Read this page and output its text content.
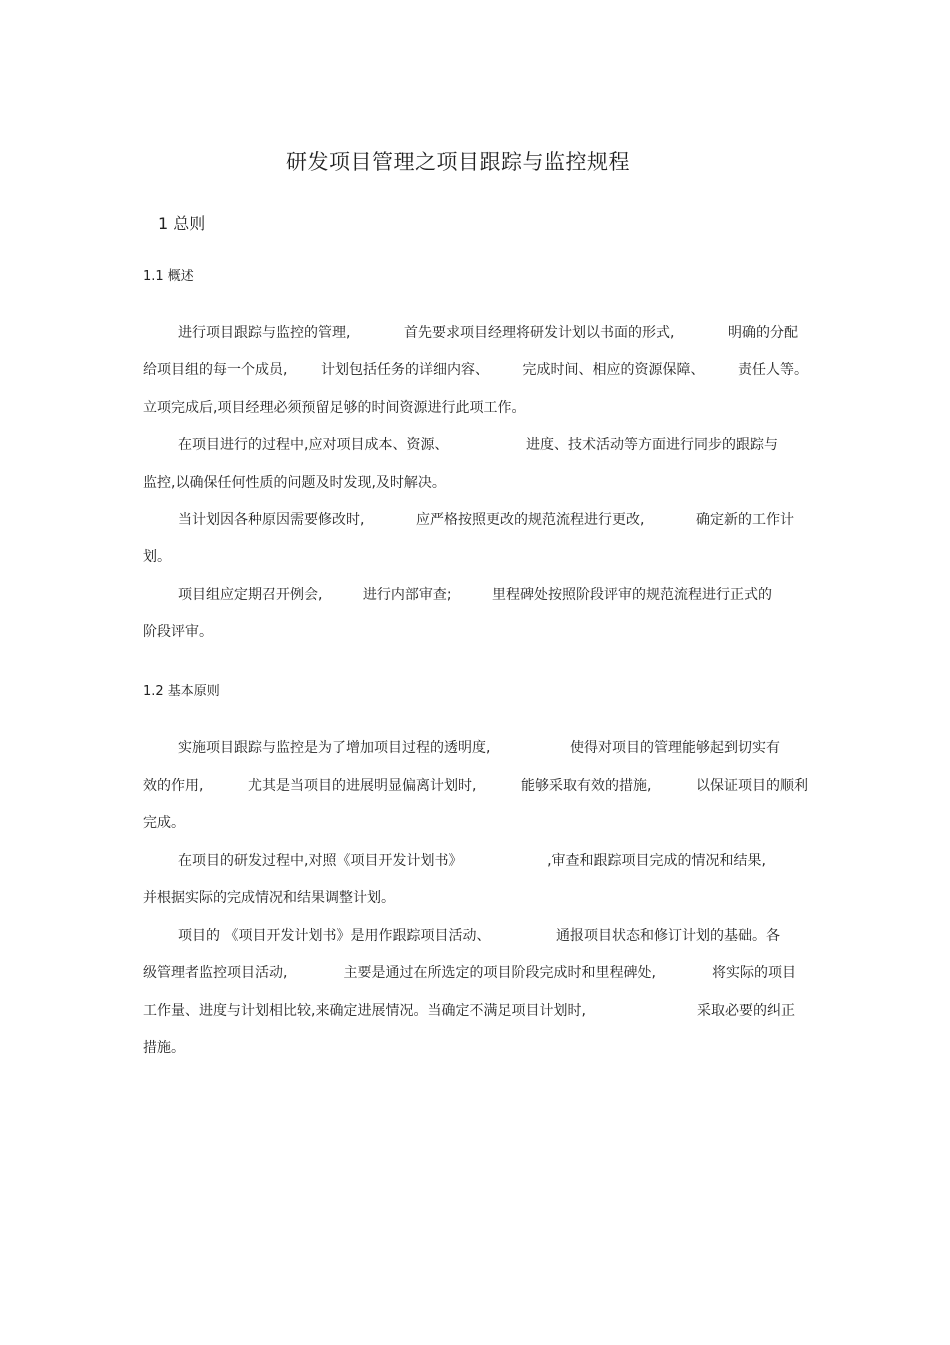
研发项目管理之项目跟踪与监控规程
1 总则
1.1 概述
进行项目跟踪与监控的管理,	首先要求项目经理将研发计划以书面的形式,	明确的分配
给项目组的每一个成员, 计划包括任务的详细内容、 完成时间、相应的资源保障、 责任人等。
立项完成后,项目经理必须预留足够的时间资源进行此项工作。
在项目进行的过程中,应对项目成本、资源、	进度、技术活动等方面进行同步的跟踪与
监控,以确保任何性质的问题及时发现,及时解决。
当计划因各种原因需要修改时,	应严格按照更改的规范流程进行更改,	确定新的工作计
划。
项目组应定期召开例会,	进行内部审查;	里程碑处按照阶段评审的规范流程进行正式的
阶段评审。
1.2 基本原则
实施项目跟踪与监控是为了增加项目过程的透明度,	使得对项目的管理能够起到切实有
效的作用,	尤其是当项目的进展明显偏离计划时,	能够采取有效的措施,	以保证项目的顺利
完成。
在项目的研发过程中,对照《项目开发计划书》	,审查和跟踪项目完成的情况和结果,
并根据实际的完成情况和结果调整计划。
项目的 《项目开发计划书》是用作跟踪项目活动、	通报项目状态和修订计划的基础。各
级管理者监控项目活动,	主要是通过在所选定的项目阶段完成时和里程碑处,	将实际的项目
工作量、进度与计划相比较,来确定进展情况。当确定不满足项目计划时,	采取必要的纠正
措施。
